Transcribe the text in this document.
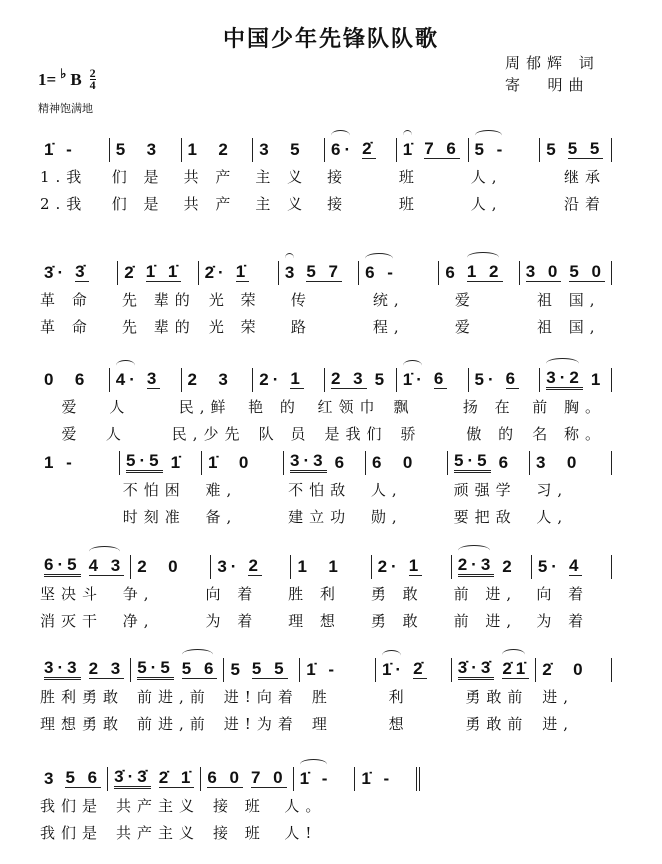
中国少年先锋队队歌
周郁辉 词
寄  明曲
1= ♭ B $\frac{2}{4}$
精神饱满地
1̇ - 5  3 1  2 3  5 6· 2̇ 1̇ 7 6 5 - 5 5 5
1.我	们 是	共 产	主 义	接	班	人,	继承
2.我	们 是	共 产	主 义	接	班	人,	沿着
3̇· 3̇ 2̇ 1̇ 1̇ 2̇· 1̇ 3 5 7 6 -	6 1 2 3 0 5 0
革 命	先 辈的 光 荣	传	统,	爱	祖 国,
革 命	先 辈的 光 荣	路	程,	爱	祖 国,
0  6 4· 3 2  3 2· 1 2 3 5 1̇· 6 5· 6 3·2 1
爱	人	民,鲜	艳 的	红领巾 飘	扬 在	前 胸。
爱	人	民,少先 队 员 是我们 骄	傲 的 名 称。
1 -	5·5 1̇ 1̇  0 3·3 6 6  0 5·5 6 3  0
不怕困	难,	不怕敌	人,	顽强学	习,
时刻准	备,	建立功	勋,	要把敌	人,
6·5 4 3 2  0 3· 2 1  1 2· 1 2·3 2 5· 4
坚决斗	争,	向 着	胜 利	勇 敢	前 进,	向 着
消灭干	净,	为 着	理 想	勇 敢	前 进,	为 着
3·3 2 3 5·5 5 6 5 5 5 1̇ -	1̇· 2̇ 3̇·3̇ 2̇1̇ 2̇  0
胜利勇敢 前进,前 进!向着 胜	利	勇敢前 进,
理想勇敢 前进,前 进!为着 理	想	勇敢前 进,
3 5 6 3̇·3̇ 2̇ 1̇ 6 0 7 0 1̇ - 1̇ -
我们是 共产主义 接 班	人。
我们是 共产主义 接 班	人!
